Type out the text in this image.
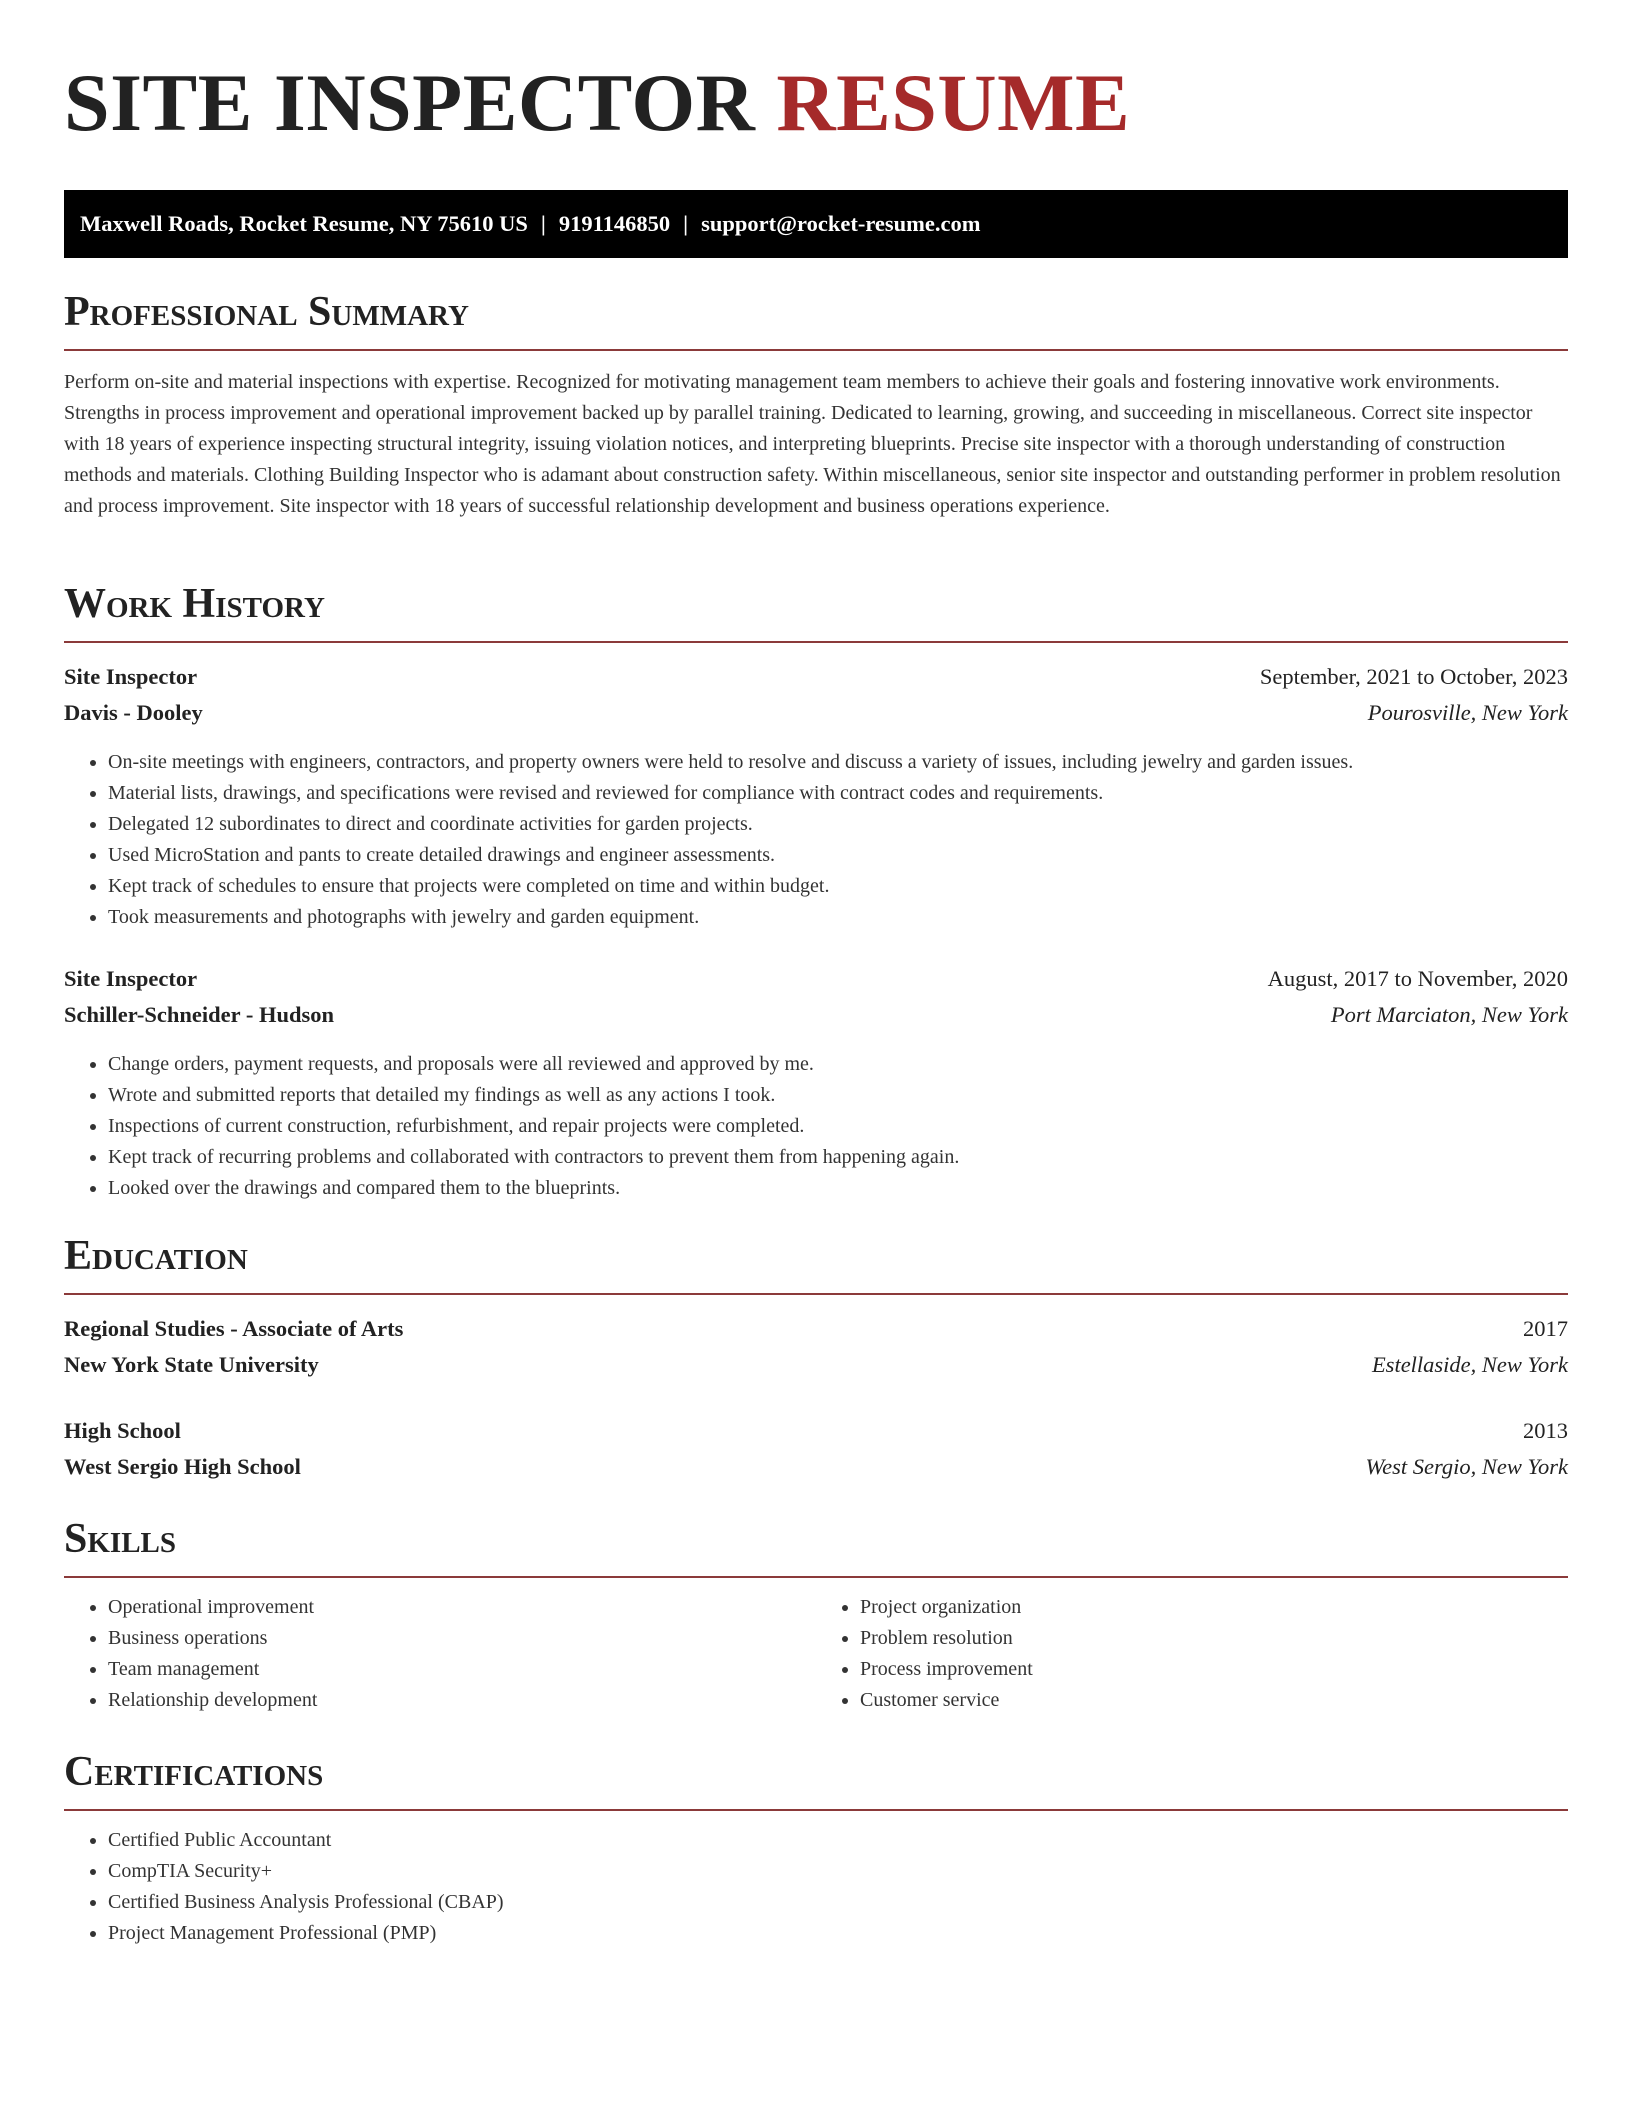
SITE INSPECTOR RESUME
Maxwell Roads, Rocket Resume, NY 75610 US | 9191146850 | support@rocket-resume.com
Professional Summary

Perform on-site and material inspections with expertise. Recognized for motivating management team members to achieve their goals and fostering innovative work environments. Strengths in process improvement and operational improvement backed up by parallel training. Dedicated to learning, growing, and succeeding in miscellaneous. Correct site inspector with 18 years of experience inspecting structural integrity, issuing violation notices, and interpreting blueprints. Precise site inspector with a thorough understanding of construction methods and materials. Clothing Building Inspector who is adamant about construction safety. Within miscellaneous, senior site inspector and outstanding performer in problem resolution and process improvement. Site inspector with 18 years of successful relationship development and business operations experience.

Work History
Site Inspector	September, 2021 to October, 2023
Davis - Dooley	Pourosville, New York
• On-site meetings with engineers, contractors, and property owners were held to resolve and discuss a variety of issues, including jewelry and garden issues.
• Material lists, drawings, and specifications were revised and reviewed for compliance with contract codes and requirements.
• Delegated 12 subordinates to direct and coordinate activities for garden projects.
• Used MicroStation and pants to create detailed drawings and engineer assessments.
• Kept track of schedules to ensure that projects were completed on time and within budget.
• Took measurements and photographs with jewelry and garden equipment.
Site Inspector	August, 2017 to November, 2020
Schiller-Schneider - Hudson	Port Marciaton, New York
• Change orders, payment requests, and proposals were all reviewed and approved by me.
• Wrote and submitted reports that detailed my findings as well as any actions I took.
• Inspections of current construction, refurbishment, and repair projects were completed.
• Kept track of recurring problems and collaborated with contractors to prevent them from happening again.
• Looked over the drawings and compared them to the blueprints.
Education
Regional Studies - Associate of Arts	2017
New York State University	Estellaside, New York
High School	2013
West Sergio High School	West Sergio, New York
Skills
• Operational improvement
• Business operations
• Team management
• Relationship development
• Project organization
• Problem resolution
• Process improvement
• Customer service
Certifications
• Certified Public Accountant
• CompTIA Security+
• Certified Business Analysis Professional (CBAP)
• Project Management Professional (PMP)
